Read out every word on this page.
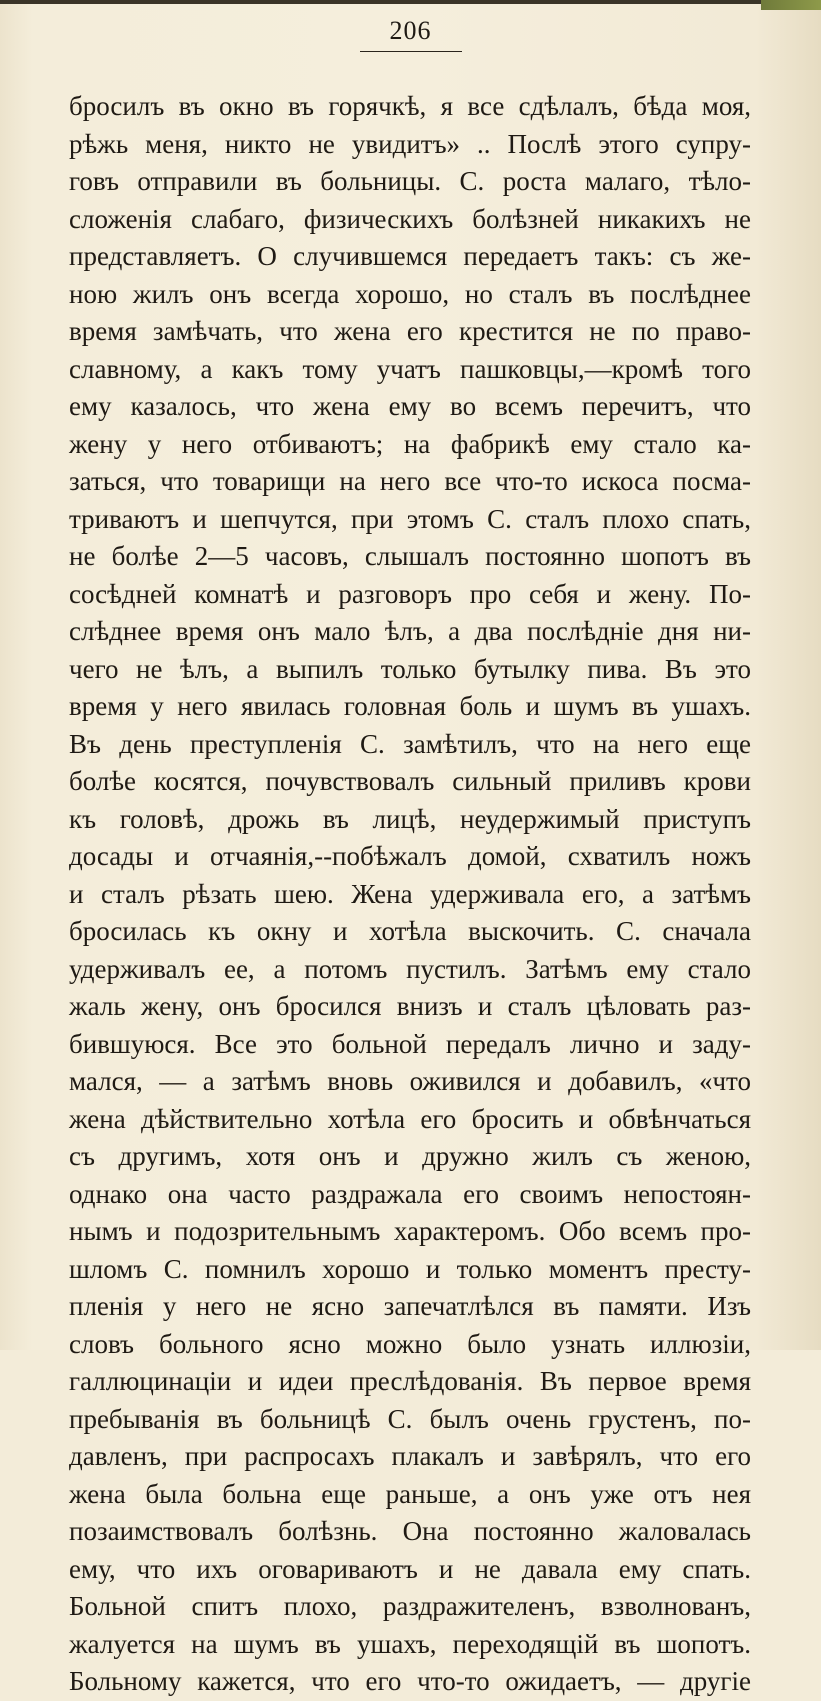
206
бросилъ въ окно въ горячкѣ, я все сдѣлалъ, бѣда моя,
рѣжь меня, никто не увидитъ» .. Послѣ этого супру-
говъ отправили въ больницы. С. роста малаго, тѣло-
сложенія слабаго, физическихъ болѣзней никакихъ не
представляетъ. О случившемся передаетъ такъ: съ же-
ною жилъ онъ всегда хорошо, но сталъ въ послѣднее
время замѣчать, что жена его крестится не по право-
славному, а какъ тому учатъ пашковцы,—кромѣ того
ему казалось, что жена ему во всемъ перечитъ, что
жену у него отбиваютъ; на фабрикѣ ему стало ка-
заться, что товарищи на него все что-то искоса посма-
триваютъ и шепчутся, при этомъ С. сталъ плохо спать,
не болѣе 2—5 часовъ, слышалъ постоянно шопотъ въ
сосѣдней комнатѣ и разговоръ про себя и жену. По-
слѣднее время онъ мало ѣлъ, а два послѣдніе дня ни-
чего не ѣлъ, а выпилъ только бутылку пива. Въ это
время у него явилась головная боль и шумъ въ ушахъ.
Въ день преступленія С. замѣтилъ, что на него еще
болѣе косятся, почувствовалъ сильный приливъ крови
къ головѣ, дрожь въ лицѣ, неудержимый приступъ
досады и отчаянія,--побѣжалъ домой, схватилъ ножъ
и сталъ рѣзать шею. Жена удерживала его, а затѣмъ
бросилась къ окну и хотѣла выскочить. С. сначала
удерживалъ ее, а потомъ пустилъ. Затѣмъ ему стало
жаль жену, онъ бросился внизъ и сталъ цѣловать раз-
бившуюся. Все это больной передалъ лично и заду-
мался, — а затѣмъ вновь оживился и добавилъ, «что
жена дѣйствительно хотѣла его бросить и обвѣнчаться
съ другимъ, хотя онъ и дружно жилъ съ женою,
однако она часто раздражала его своимъ непостоян-
нымъ и подозрительнымъ характеромъ. Обо всемъ про-
шломъ С. помнилъ хорошо и только моментъ престу-
пленія у него не ясно запечатлѣлся въ памяти. Изъ
словъ больного ясно можно было узнать иллюзіи,
галлюцинаціи и идеи преслѣдованія. Въ первое время
пребыванія въ больницѣ С. былъ очень грустенъ, по-
давленъ, при распросахъ плакалъ и завѣрялъ, что его
жена была больна еще раньше, а онъ уже отъ нея
позаимствовалъ болѣзнь. Она постоянно жаловалась
ему, что ихъ оговариваютъ и не давала ему спать.
Больной спитъ плохо, раздражителенъ, взволнованъ,
жалуется на шумъ въ ушахъ, переходящій въ шопотъ.
Больному кажется, что его что-то ожидаетъ, — другіе
